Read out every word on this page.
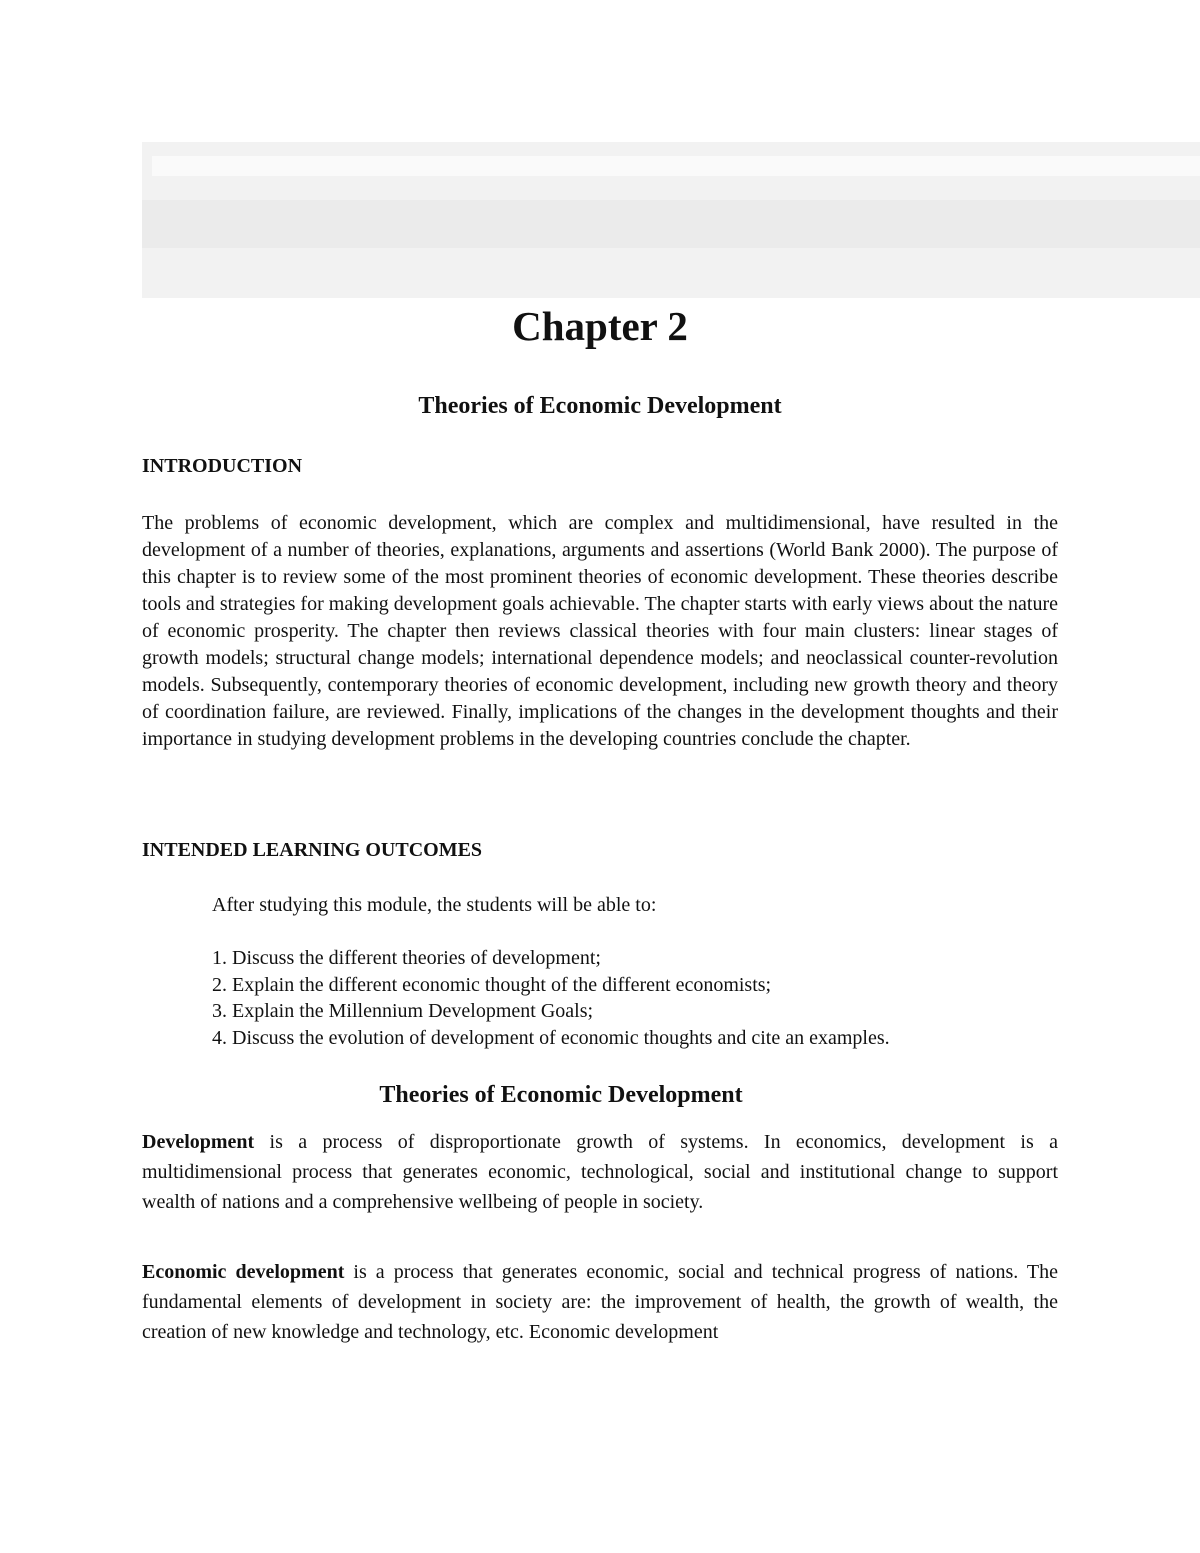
Chapter 2
Theories of Economic Development
INTRODUCTION

The problems of economic development, which are complex and multidimensional, have resulted in the development of a number of theories, explanations, arguments and assertions (World Bank 2000). The purpose of this chapter is to review some of the most prominent theories of economic development. These theories describe tools and strategies for making development goals achievable. The chapter starts with early views about the nature of economic prosperity. The chapter then reviews classical theories with four main clusters: linear stages of growth models; structural change models; international dependence models; and neoclassical counter-revolution models. Subsequently, contemporary theories of economic development, including new growth theory and theory of coordination failure, are reviewed. Finally, implications of the changes in the development thoughts and their importance in studying development problems in the developing countries conclude the chapter.

INTENDED LEARNING OUTCOMES
After studying this module, the students will be able to:
1. Discuss the different theories of development;
2. Explain the different economic thought of the different economists;
3. Explain the Millennium Development Goals;
4. Discuss the evolution of development of economic thoughts and cite an examples.
Theories of Economic Development
Development is a process of disproportionate growth of systems. In economics, development is a multidimensional process that generates economic, technological, social and institutional change to support wealth of nations and a comprehensive wellbeing of people in society.
Economic development is a process that generates economic, social and technical progress of nations. The fundamental elements of development in society are: the improvement of health, the growth of wealth, the creation of new knowledge and technology, etc. Economic development
